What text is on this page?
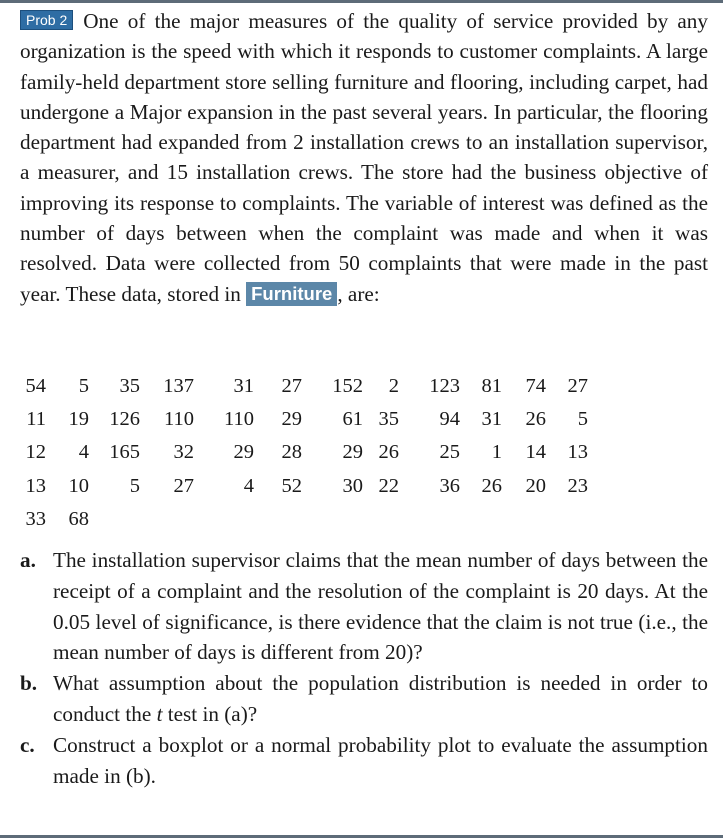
Prob 2 One of the major measures of the quality of service provided by any organization is the speed with which it responds to customer complaints. A large family-held department store selling furniture and flooring, including carpet, had undergone a Major expansion in the past several years. In particular, the flooring department had expanded from 2 installation crews to an installation supervisor, a measurer, and 15 installation crews. The store had the business objective of improving its response to complaints. The variable of interest was defined as the number of days between when the complaint was made and when it was resolved. Data were collected from 50 complaints that were made in the past year. These data, stored in Furniture , are:

54	5	35	137	31	27	152	2	123	81	74	27
11	19	126	110	110	29	61	35	94	31	26	5
12	4	165	32	29	28	29	26	25	1	14	13
13	10	5	27	4	52	30	22	36	26	20	23
33	68										
a. The installation supervisor claims that the mean number of days between the receipt of a complaint and the resolution of the complaint is 20 days. At the 0.05 level of significance, is there evidence that the claim is not true (i.e., the mean number of days is different from 20)?
b. What assumption about the population distribution is needed in order to conduct the t test in (a)?
c. Construct a boxplot or a normal probability plot to evaluate the assumption made in (b).
